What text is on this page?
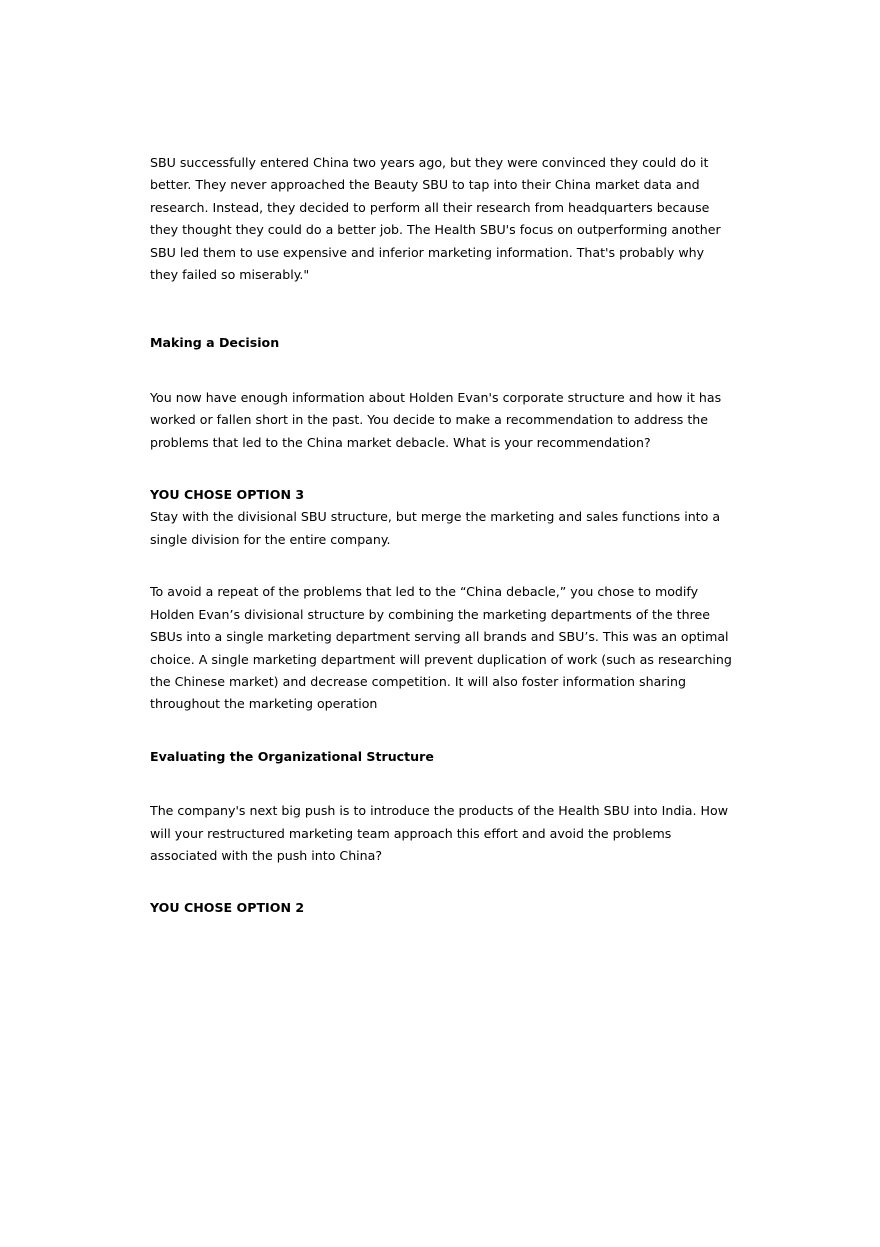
SBU successfully entered China two years ago, but they were convinced they could do it better. They never approached the Beauty SBU to tap into their China market data and research. Instead, they decided to perform all their research from headquarters because they thought they could do a better job. The Health SBU's focus on outperforming another SBU led them to use expensive and inferior marketing information. That's probably why they failed so miserably."

Making a Decision

You now have enough information about Holden Evan's corporate structure and how it has worked or fallen short in the past. You decide to make a recommendation to address the problems that led to the China market debacle. What is your recommendation?

YOU CHOSE OPTION 3

Stay with the divisional SBU structure, but merge the marketing and sales functions into a single division for the entire company.

To avoid a repeat of the problems that led to the “China debacle,” you chose to modify Holden Evan’s divisional structure by combining the marketing departments of the three SBUs into a single marketing department serving all brands and SBU’s. This was an optimal choice. A single marketing department will prevent duplication of work (such as researching the Chinese market) and decrease competition. It will also foster information sharing throughout the marketing operation

Evaluating the Organizational Structure

The company's next big push is to introduce the products of the Health SBU into India. How will your restructured marketing team approach this effort and avoid the problems associated with the push into China?

YOU CHOSE OPTION 2
